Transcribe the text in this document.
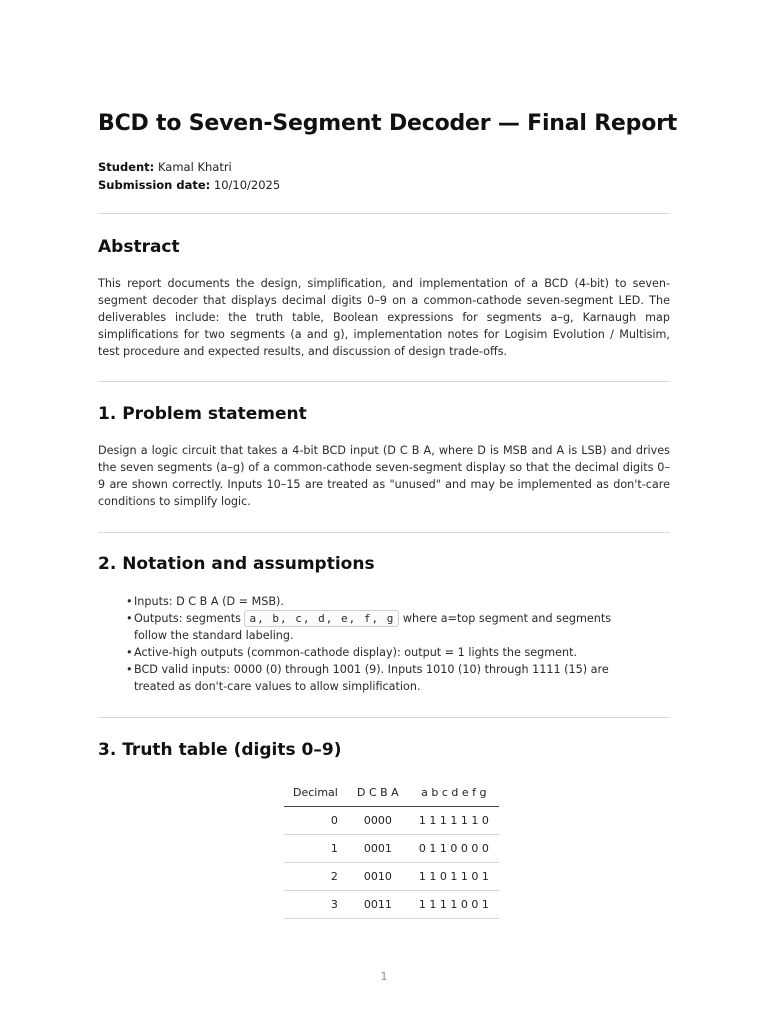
BCD to Seven-Segment Decoder — Final Report
Student: Kamal Khatri
Submission date: 10/10/2025
Abstract

This report documents the design, simplification, and implementation of a BCD (4-bit) to seven-segment decoder that displays decimal digits 0–9 on a common-cathode seven-segment LED. The deliverables include: the truth table, Boolean expressions for segments a–g, Karnaugh map simplifications for two segments (a and g), implementation notes for Logisim Evolution / Multisim, test procedure and expected results, and discussion of design trade-offs.

1. Problem statement

Design a logic circuit that takes a 4-bit BCD input (D C B A, where D is MSB and A is LSB) and drives the seven segments (a–g) of a common-cathode seven-segment display so that the decimal digits 0–9 are shown correctly. Inputs 10–15 are treated as "unused" and may be implemented as don't-care conditions to simplify logic.

2. Notation and assumptions
• Inputs: D C B A (D = MSB).
• Outputs: segments a, b, c, d, e, f, g where a=top segment and segments follow the standard labeling.
• Active-high outputs (common-cathode display): output = 1 lights the segment.
• BCD valid inputs: 0000 (0) through 1001 (9). Inputs 1010 (10) through 1111 (15) are treated as don't-care values to allow simplification.
3. Truth table (digits 0–9)
Decimal	D C B A	a b c d e f g
0	0000	1 1 1 1 1 1 0
1	0001	0 1 1 0 0 0 0
2	0010	1 1 0 1 1 0 1
3	0011	1 1 1 1 0 0 1
1
